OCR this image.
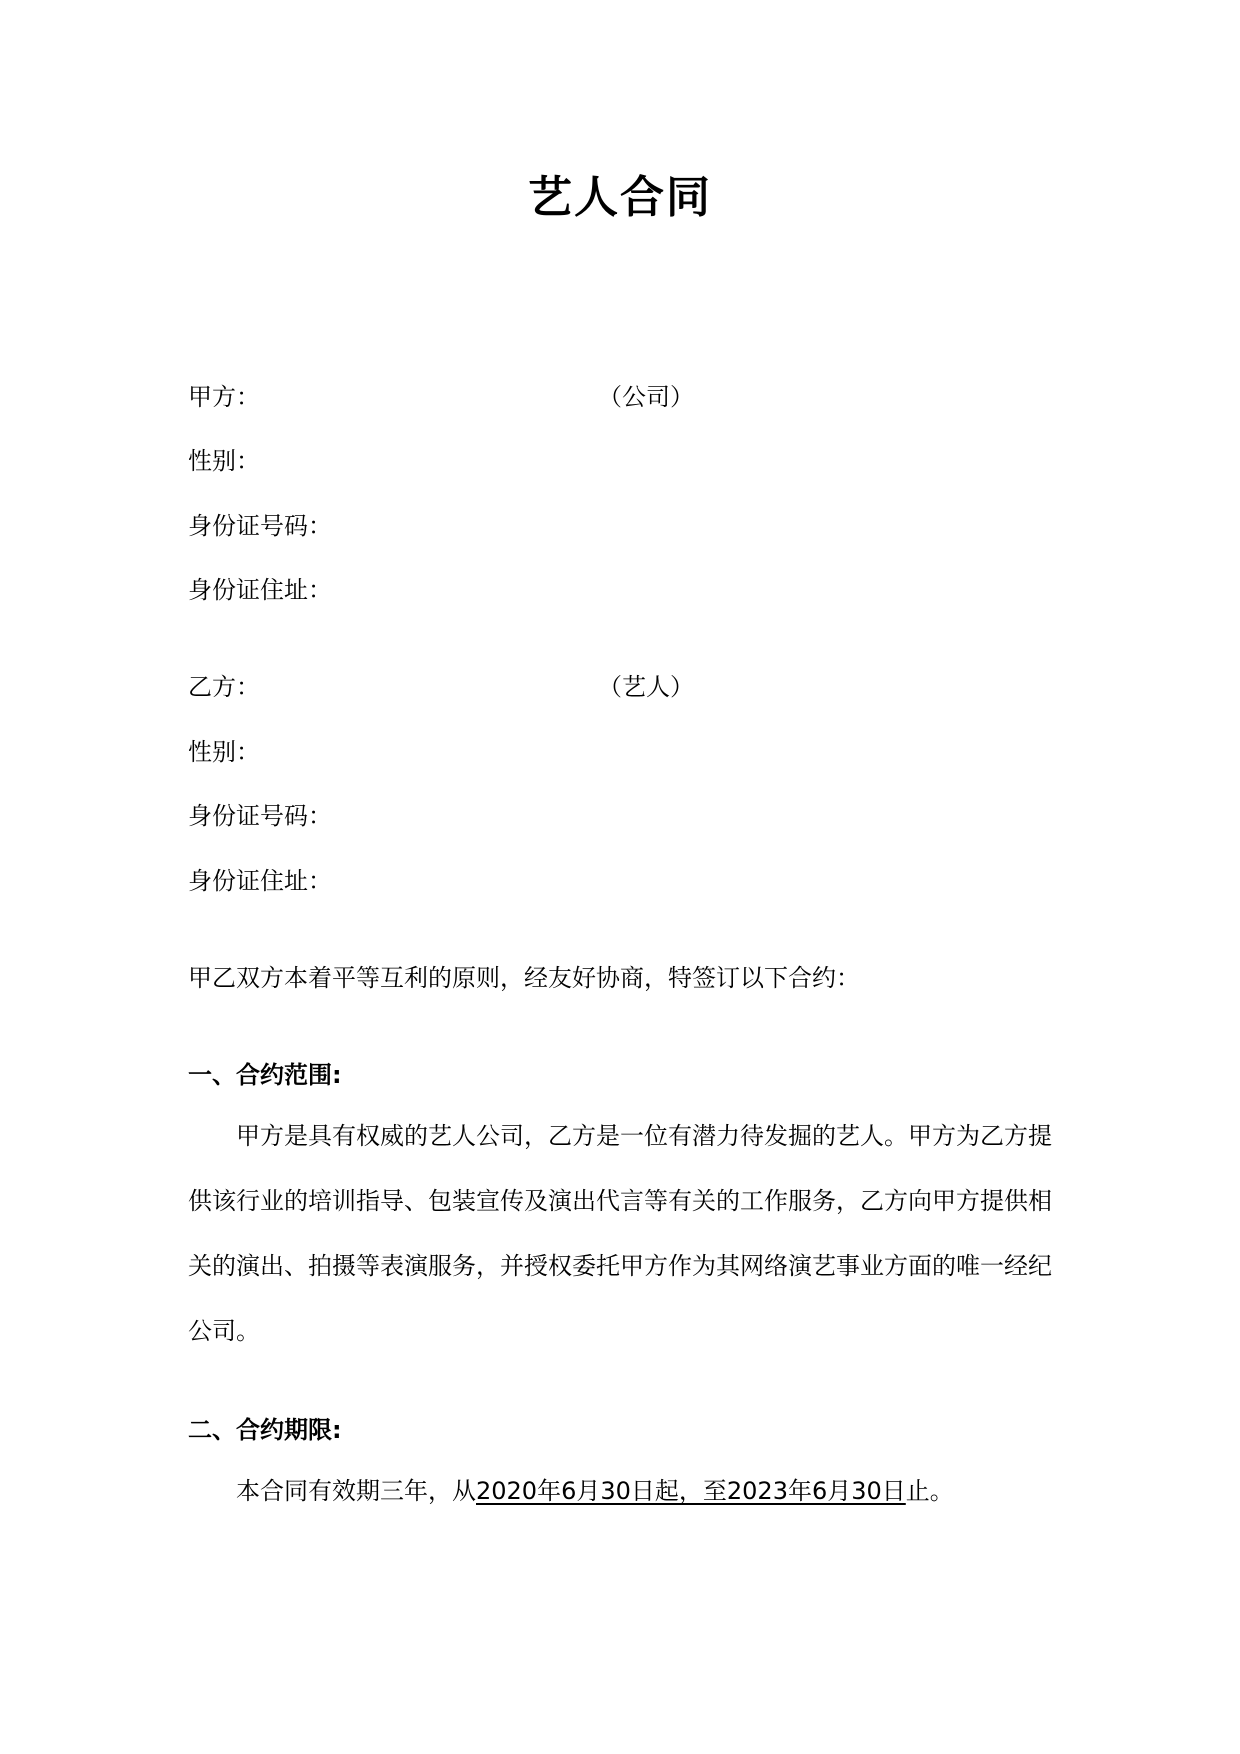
艺人合同
甲方：	（公司）
性别：
身份证号码：
身份证住址：
乙方：	（艺人）
性别：
身份证号码：
身份证住址：
甲乙双方本着平等互利的原则，经友好协商，特签订以下合约：
一、合约范围:

甲方是具有权威的艺人公司，乙方是一位有潜力待发掘的艺人。甲方为乙方提供该行业的培训指导、包装宣传及演出代言等有关的工作服务，乙方向甲方提供相关的演出、拍摄等表演服务，并授权委托甲方作为其网络演艺事业方面的唯一经纪公司。

二、合约期限:

本合同有效期三年，从2020年6月30日起，至2023年6月30日止。
